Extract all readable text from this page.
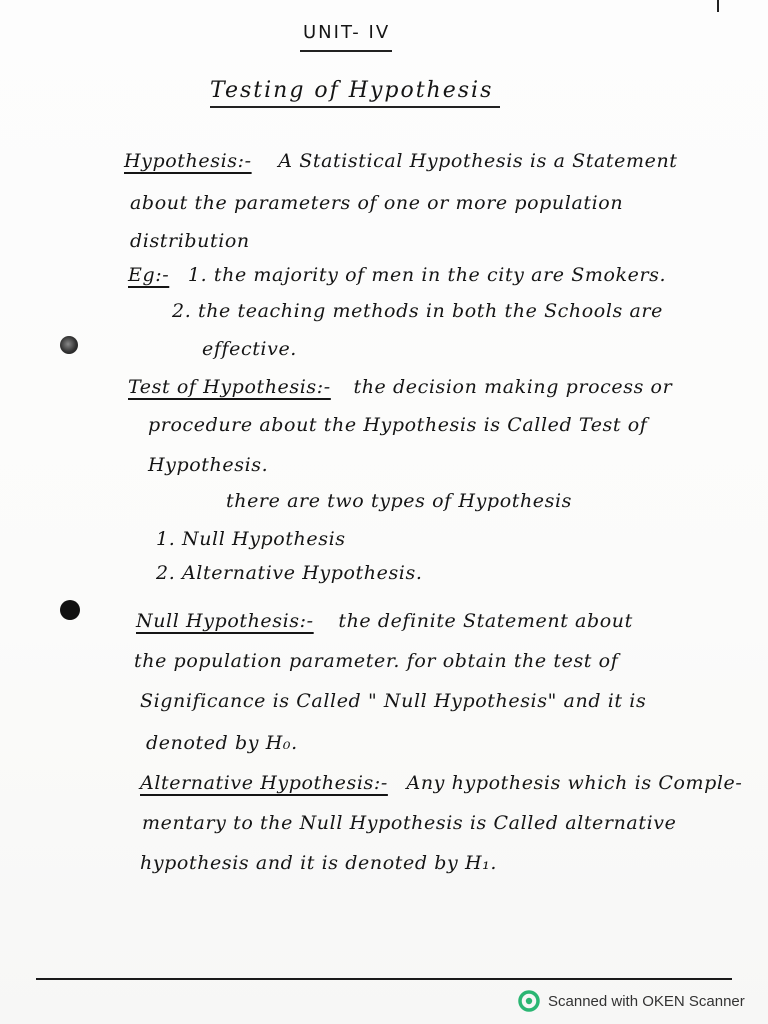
UNIT- IV
Testing of Hypothesis
Hypothesis:- A Statistical Hypothesis is a Statement
about the parameters of one or more population
distribution
Eg:- 1. the majority of men in the city are Smokers.
2. the teaching methods in both the Schools are
effective.
Test of Hypothesis:- the decision making process or
procedure about the Hypothesis is Called Test of
Hypothesis.
there are two types of Hypothesis
1. Null Hypothesis
2. Alternative Hypothesis.
Null Hypothesis:- the definite Statement about
the population parameter. for obtain the test of
Significance is Called " Null Hypothesis" and it is
denoted by H₀.
Alternative Hypothesis:- Any hypothesis which is Comple-
mentary to the Null Hypothesis is Called alternative
hypothesis and it is denoted by H₁.
Scanned with OKEN Scanner
